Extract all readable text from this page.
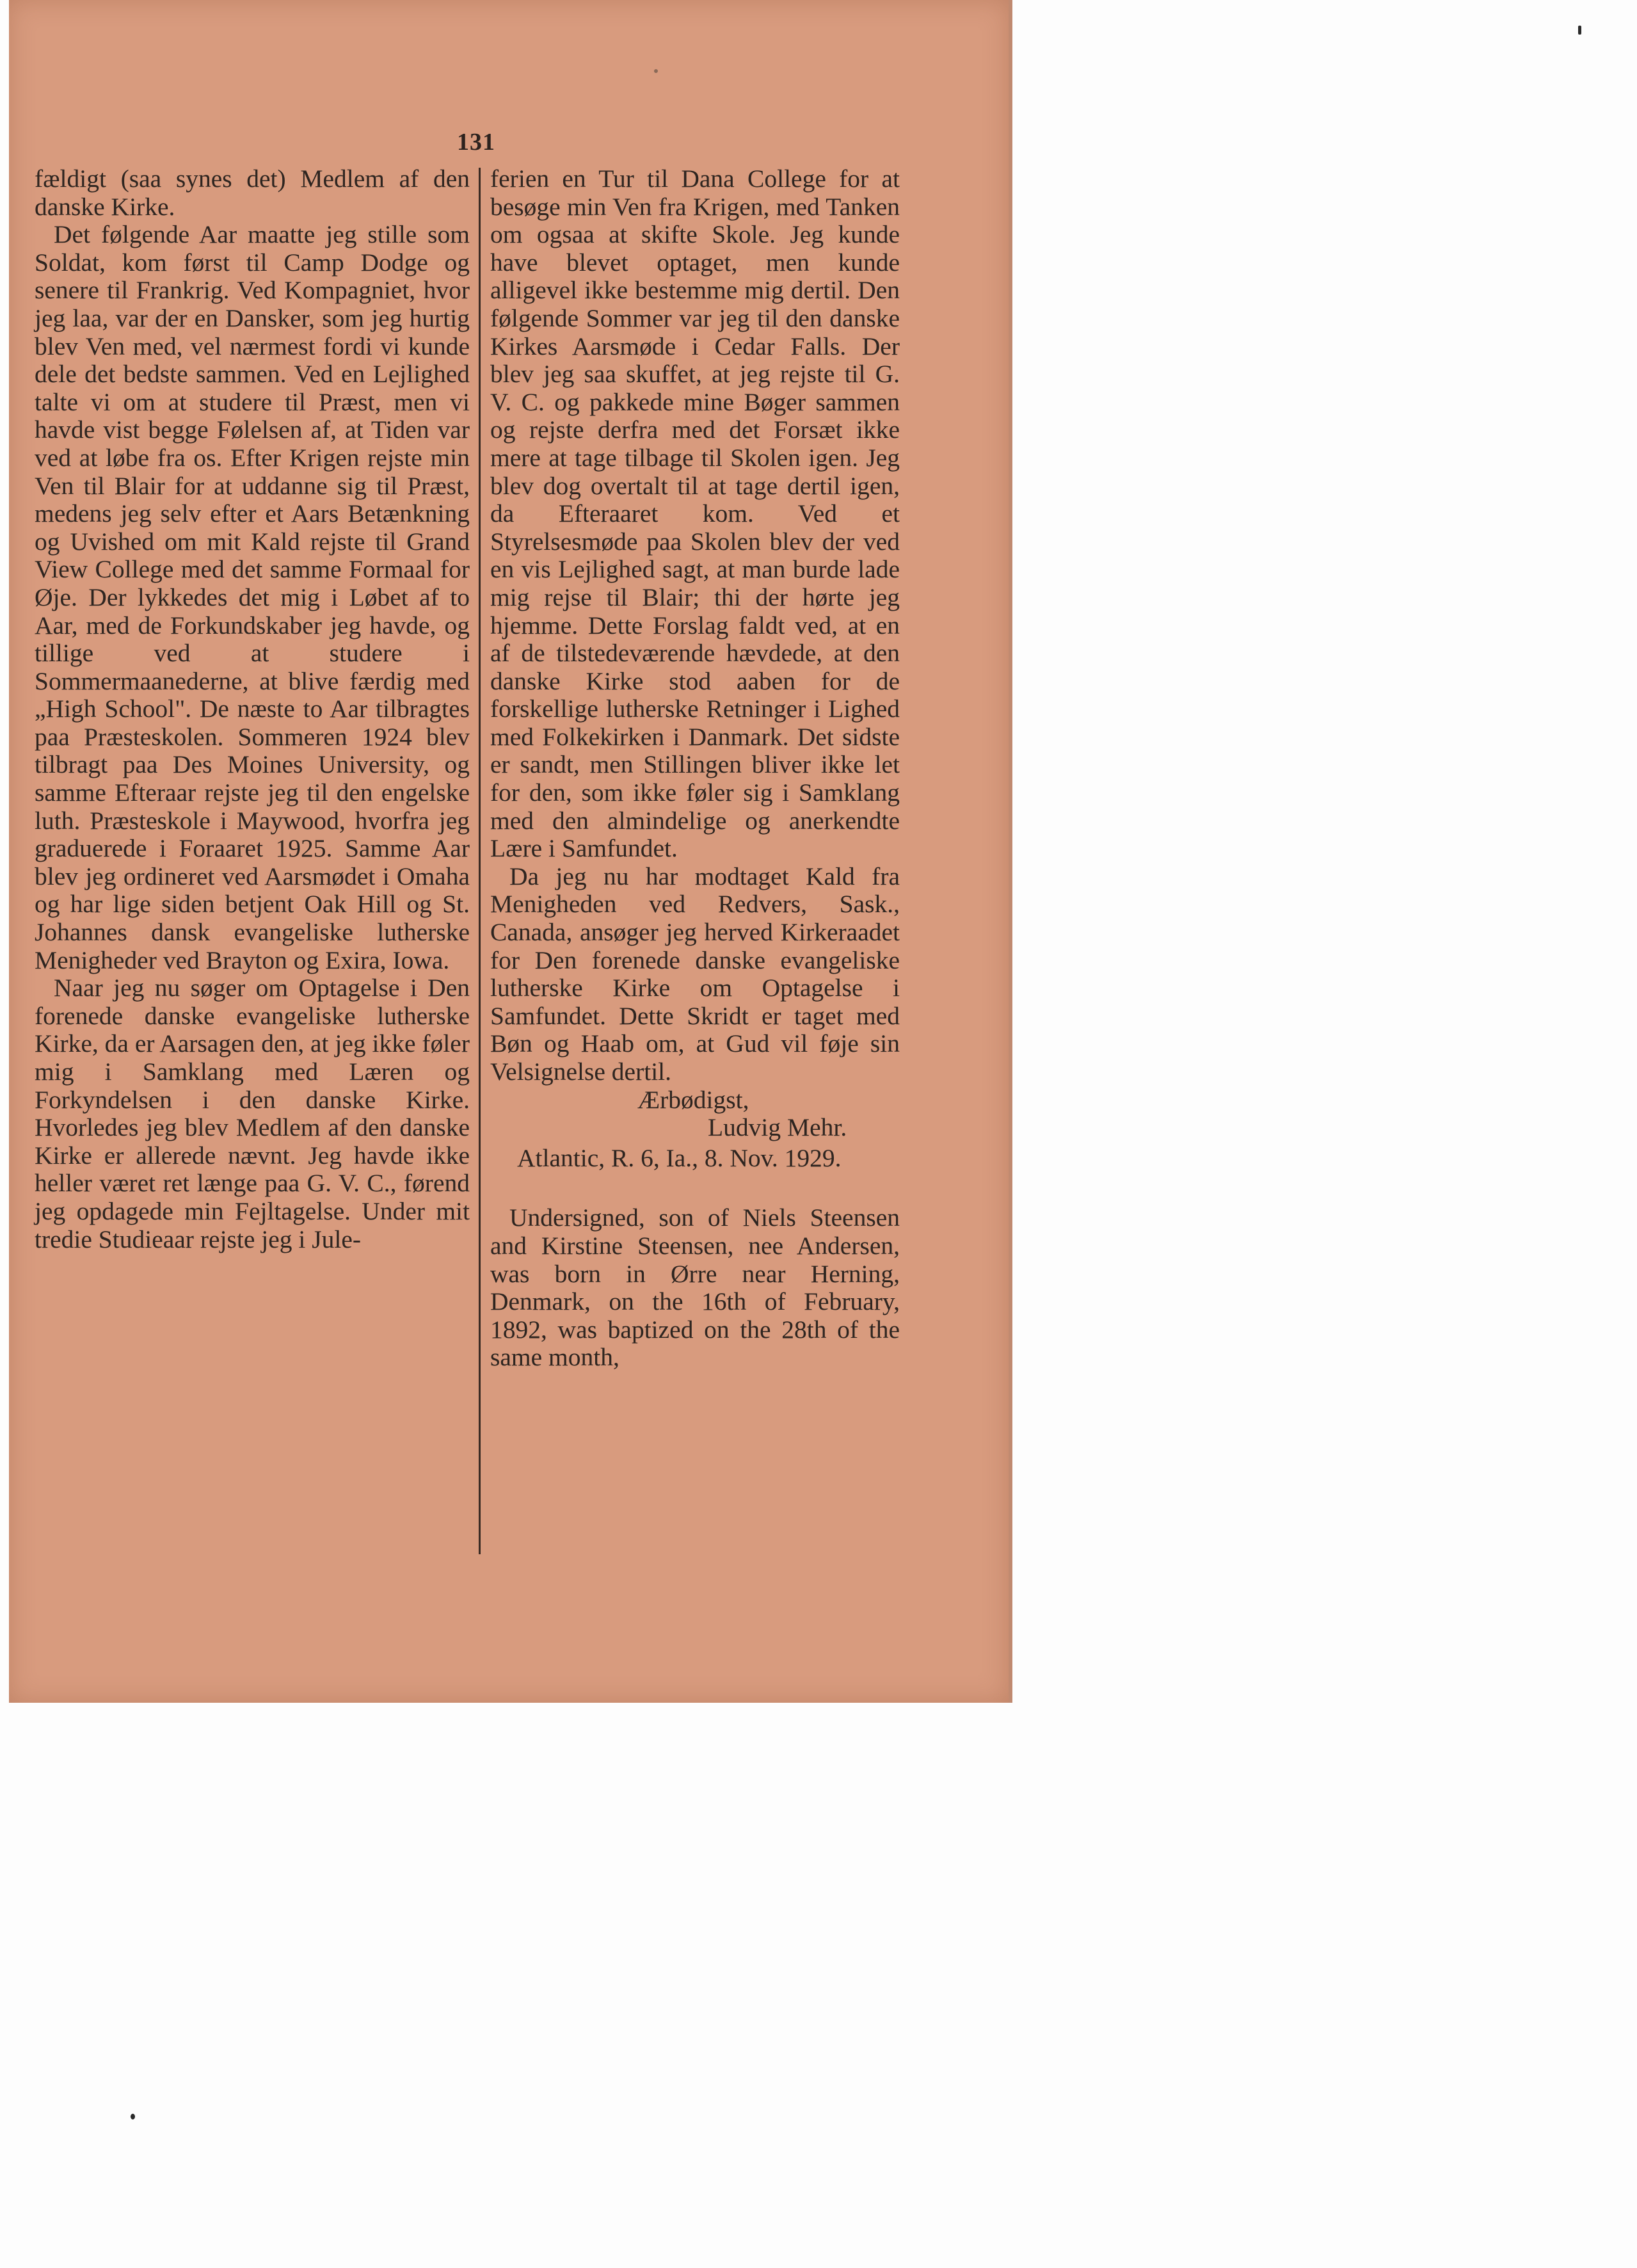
131

fældigt (saa synes det) Medlem af den danske Kirke.

Det følgende Aar maatte jeg stille som Soldat, kom først til Camp Dodge og senere til Frankrig. Ved Kompagniet, hvor jeg laa, var der en Dansker, som jeg hurtig blev Ven med, vel nærmest fordi vi kunde dele det bedste sammen. Ved en Lejlighed talte vi om at studere til Præst, men vi havde vist begge Følelsen af, at Tiden var ved at løbe fra os. Efter Krigen rejste min Ven til Blair for at uddanne sig til Præst, medens jeg selv efter et Aars Betænkning og Uvished om mit Kald rejste til Grand View College med det samme Formaal for Øje. Der lykkedes det mig i Løbet af to Aar, med de Forkundskaber jeg havde, og tillige ved at studere i Sommermaanederne, at blive færdig med „High School". De næste to Aar tilbragtes paa Præsteskolen. Sommeren 1924 blev tilbragt paa Des Moines University, og samme Efteraar rejste jeg til den engelske luth. Præsteskole i Maywood, hvorfra jeg graduerede i Foraaret 1925. Samme Aar blev jeg ordineret ved Aarsmødet i Omaha og har lige siden betjent Oak Hill og St. Johannes dansk evangeliske lutherske Menigheder ved Brayton og Exira, Iowa.

Naar jeg nu søger om Optagelse i Den forenede danske evangeliske lutherske Kirke, da er Aarsagen den, at jeg ikke føler mig i Samklang med Læren og Forkyndelsen i den danske Kirke. Hvorledes jeg blev Medlem af den danske Kirke er allerede nævnt. Jeg havde ikke heller været ret længe paa G. V. C., førend jeg opdagede min Fejltagelse. Under mit tredie Studieaar rejste jeg i Jule-

ferien en Tur til Dana College for at besøge min Ven fra Krigen, med Tanken om ogsaa at skifte Skole. Jeg kunde have blevet optaget, men kunde alligevel ikke bestemme mig dertil. Den følgende Sommer var jeg til den danske Kirkes Aarsmøde i Cedar Falls. Der blev jeg saa skuffet, at jeg rejste til G. V. C. og pakkede mine Bøger sammen og rejste derfra med det Forsæt ikke mere at tage tilbage til Skolen igen. Jeg blev dog overtalt til at tage dertil igen, da Efteraaret kom. Ved et Styrelsesmøde paa Skolen blev der ved en vis Lejlighed sagt, at man burde lade mig rejse til Blair; thi der hørte jeg hjemme. Dette Forslag faldt ved, at en af de tilstedeværende hævdede, at den danske Kirke stod aaben for de forskellige lutherske Retninger i Lighed med Folkekirken i Danmark. Det sidste er sandt, men Stillingen bliver ikke let for den, som ikke føler sig i Samklang med den almindelige og anerkendte Lære i Samfundet.

Da jeg nu har modtaget Kald fra Menigheden ved Redvers, Sask., Canada, ansøger jeg herved Kirkeraadet for Den forenede danske evangeliske lutherske Kirke om Optagelse i Samfundet. Dette Skridt er taget med Bøn og Haab om, at Gud vil føje sin Velsignelse dertil.

Ærbødigst,

Ludvig Mehr.

Atlantic, R. 6, Ia., 8. Nov. 1929.

Undersigned, son of Niels Steensen and Kirstine Steensen, nee Andersen, was born in Ørre near Herning, Denmark, on the 16th of February, 1892, was baptized on the 28th of the same month,
